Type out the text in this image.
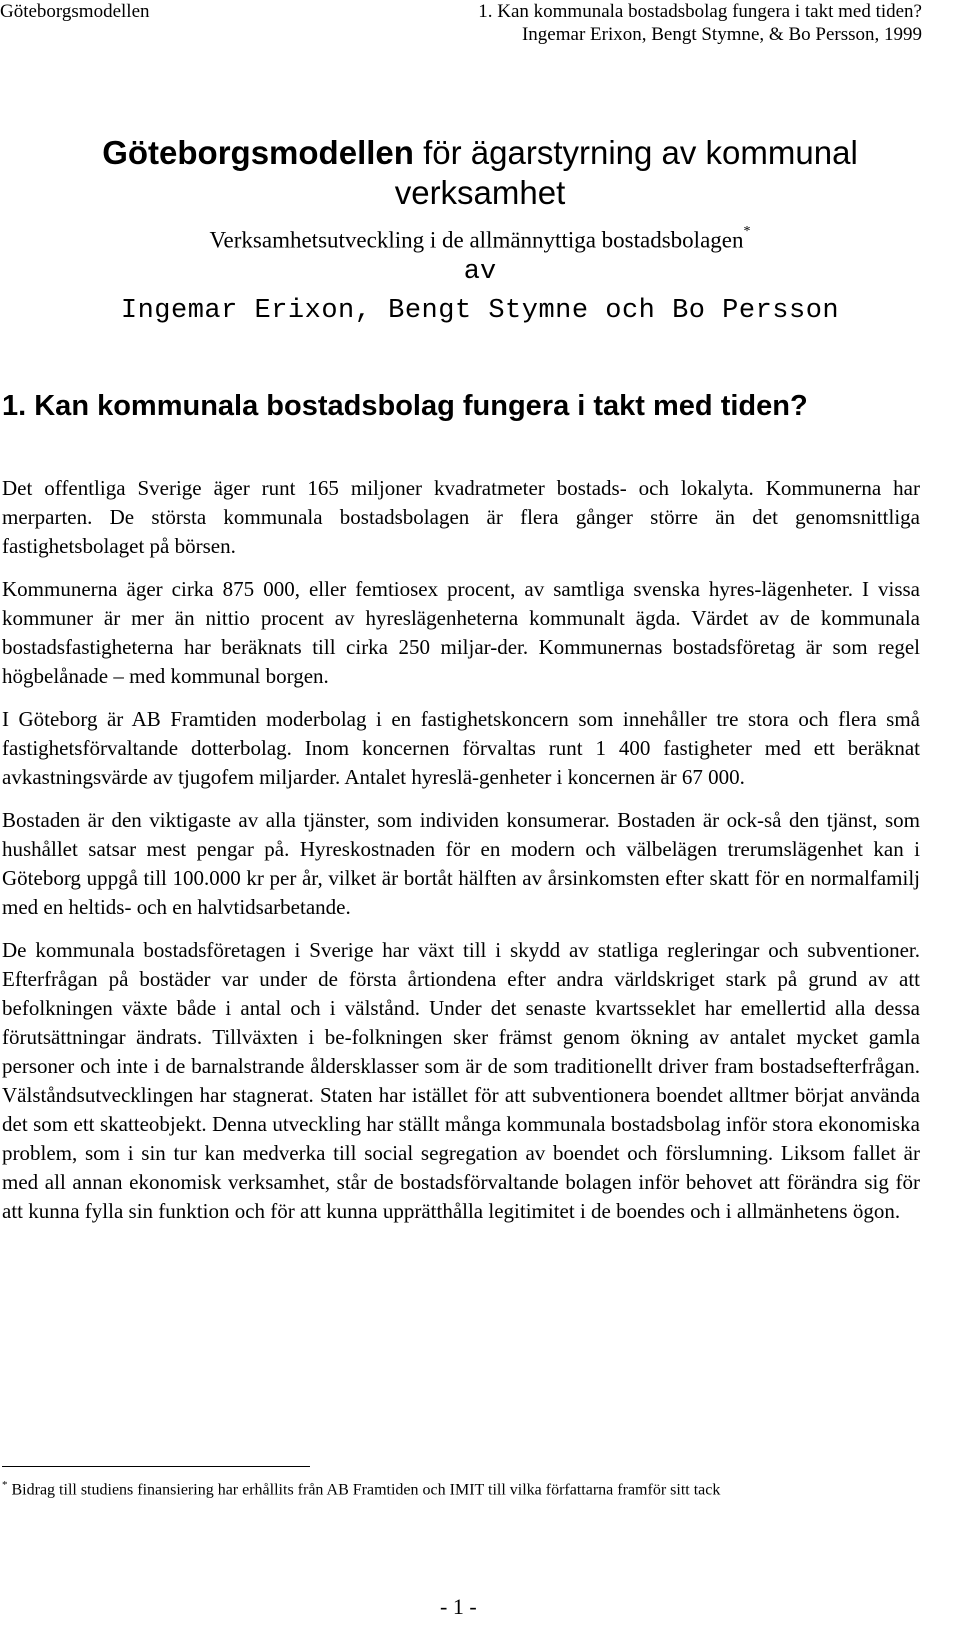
Göteborgsmodellen	1. Kan kommunala bostadsbolag fungera i takt med tiden?
Ingemar Erixon, Bengt Stymne, & Bo Persson, 1999
Göteborgsmodellen för ägarstyrning av kommunal
verksamhet
Verksamhetsutveckling i de allmännyttiga bostadsbolagen*
av
Ingemar Erixon, Bengt Stymne och Bo Persson
1. Kan kommunala bostadsbolag fungera i takt med tiden?

Det offentliga Sverige äger runt 165 miljoner kvadratmeter bostads- och lokalyta. Kommunerna har merparten. De största kommunala bostadsbolagen är flera gånger större än det genomsnittliga fastighetsbolaget på börsen.

Kommunerna äger cirka 875 000, eller femtiosex procent, av samtliga svenska hyres-lägenheter. I vissa kommuner är mer än nittio procent av hyreslägenheterna kommunalt ägda. Värdet av de kommunala bostadsfastigheterna har beräknats till cirka 250 miljar-der. Kommunernas bostadsföretag är som regel högbelånade – med kommunal borgen.

I Göteborg är AB Framtiden moderbolag i en fastighetskoncern som innehåller tre stora och flera små fastighetsförvaltande dotterbolag. Inom koncernen förvaltas runt 1 400 fastigheter med ett beräknat avkastningsvärde av tjugofem miljarder. Antalet hyreslä-genheter i koncernen är 67 000.

Bostaden är den viktigaste av alla tjänster, som individen konsumerar. Bostaden är ock-så den tjänst, som hushållet satsar mest pengar på. Hyreskostnaden för en modern och välbelägen trerumslägenhet kan i Göteborg uppgå till 100.000 kr per år, vilket är bortåt hälften av årsinkomsten efter skatt för en normalfamilj med en heltids- och en halvtidsarbetande.

De kommunala bostadsföretagen i Sverige har växt till i skydd av statliga regleringar och subventioner. Efterfrågan på bostäder var under de första årtiondena efter andra världskriget stark på grund av att befolkningen växte både i antal och i välstånd. Under det senaste kvartsseklet har emellertid alla dessa förutsättningar ändrats. Tillväxten i be-folkningen sker främst genom ökning av antalet mycket gamla personer och inte i de barnalstrande åldersklasser som är de som traditionellt driver fram bostadsefterfrågan. Välståndsutvecklingen har stagnerat. Staten har istället för att subventionera boendet alltmer börjat använda det som ett skatteobjekt. Denna utveckling har ställt många kommunala bostadsbolag inför stora ekonomiska problem, som i sin tur kan medverka till social segregation av boendet och förslumning. Liksom fallet är med all annan ekonomisk verksamhet, står de bostadsförvaltande bolagen inför behovet att förändra sig för att kunna fylla sin funktion och för att kunna upprätthålla legitimitet i de boendes och i allmänhetens ögon.

* Bidrag till studiens finansiering har erhållits från AB Framtiden och IMIT till vilka författarna framför sitt tack
- 1 -
